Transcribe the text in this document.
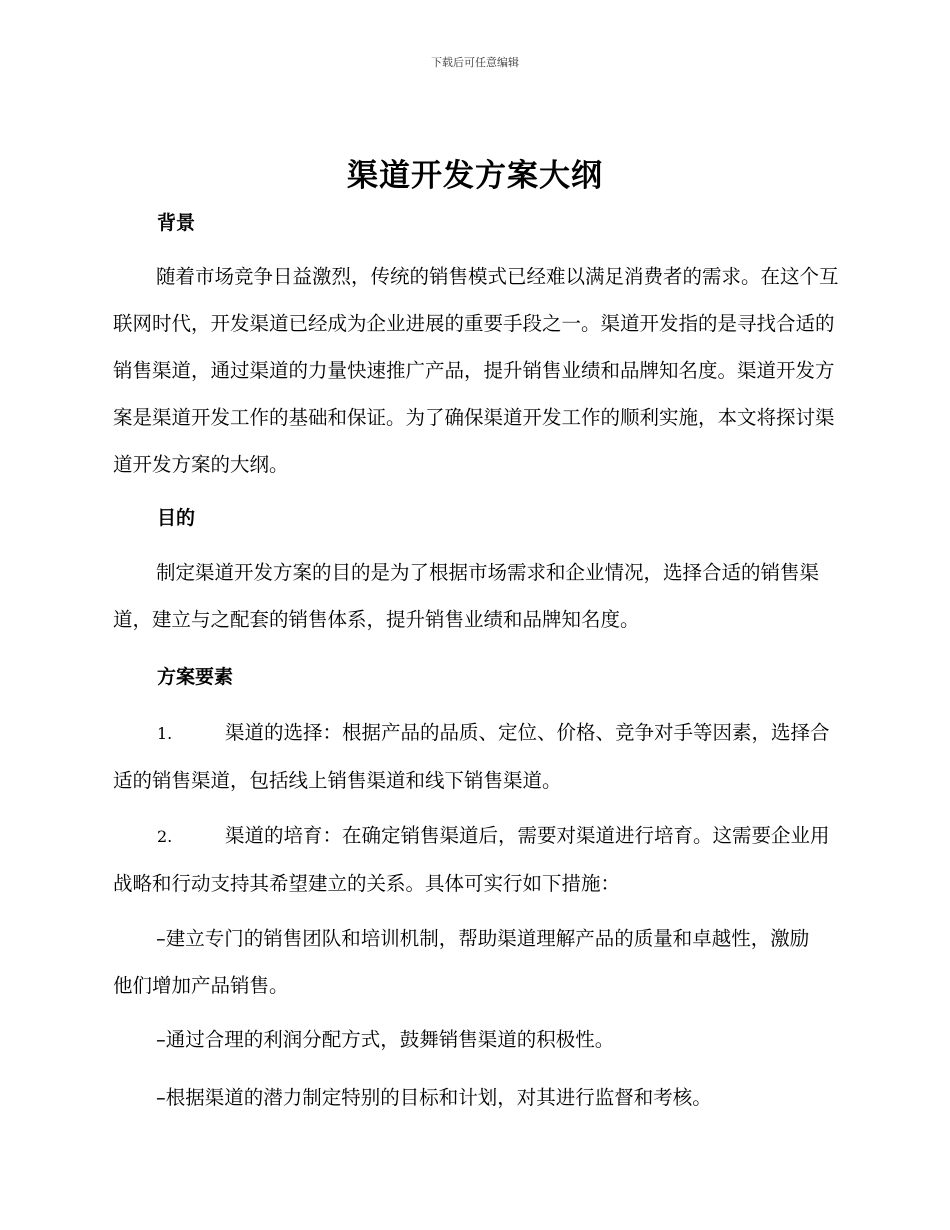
下载后可任意编辑
渠道开发方案大纲
背景

随着市场竞争日益激烈，传统的销售模式已经难以满足消费者的需求。在这个互联网时代，开发渠道已经成为企业进展的重要手段之一。渠道开发指的是寻找合适的销售渠道，通过渠道的力量快速推广产品，提升销售业绩和品牌知名度。渠道开发方案是渠道开发工作的基础和保证。为了确保渠道开发工作的顺利实施，本文将探讨渠道开发方案的大纲。

目的

制定渠道开发方案的目的是为了根据市场需求和企业情况，选择合适的销售渠道，建立与之配套的销售体系，提升销售业绩和品牌知名度。

方案要素

1.	渠道的选择：根据产品的品质、定位、价格、竞争对手等因素，选择合适的销售渠道，包括线上销售渠道和线下销售渠道。

2.	渠道的培育：在确定销售渠道后，需要对渠道进行培育。这需要企业用战略和行动支持其希望建立的关系。具体可实行如下措施：

–建立专门的销售团队和培训机制，帮助渠道理解产品的质量和卓越性，激励他们增加产品销售。

–通过合理的利润分配方式，鼓舞销售渠道的积极性。

–根据渠道的潜力制定特别的目标和计划，对其进行监督和考核。
